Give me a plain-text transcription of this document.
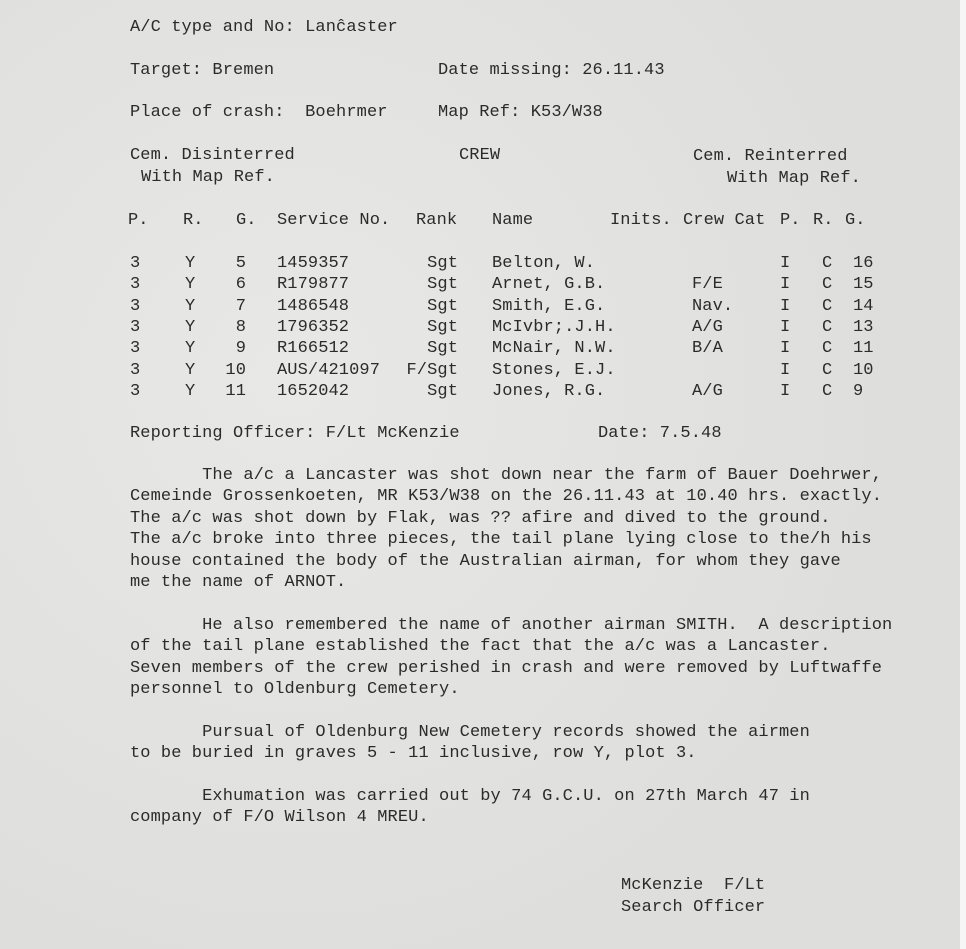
A/C type and No: Lanĉaster
Target: Bremen	Date missing: 26.11.43
Place of crash:  Boehrmer	Map Ref: K53/W38
Cem. Disinterred
With Map Ref.
CREW	Cem. Reinterred
With Map Ref.
P. R. G. Service No. Rank Name	Inits. Crew Cat P. R. G.
3	Y 5 1459357	Sgt Belton, W.	I C 16
3	Y 6 R179877	Sgt Arnet, G.B.	F/E	I C 15
3	Y 7 1486548	Sgt Smith, E.G.	Nav.	I C 14
3	Y 8 1796352	Sgt McIvbr;.J.H.	A/G	I C 13
3	Y 9 R166512	Sgt McNair, N.W.	B/A	I C 11
3	Y 10 AUS/421097 F/Sgt Stones, E.J.	I C 10
3	Y 11 1652042	Sgt Jones, R.G.	A/G	I C 9
Reporting Officer: F/Lt McKenzie	Date: 7.5.48
The a/c a Lancaster was shot down near the farm of Bauer Doehrwer,
Cemeinde Grossenkoeten, MR K53/W38 on the 26.11.43 at 10.40 hrs. exactly.
The a/c was shot down by Flak, was ?? afire and dived to the ground.
The a/c broke into three pieces, the tail plane lying close to the/h his
house contained the body of the Australian airman, for whom they gave
me the name of ARNOT.
He also remembered the name of another airman SMITH.  A description
of the tail plane established the fact that the a/c was a Lancaster.
Seven members of the crew perished in crash and were removed by Luftwaffe
personnel to Oldenburg Cemetery.
Pursual of Oldenburg New Cemetery records showed the airmen
to be buried in graves 5 - 11 inclusive, row Y, plot 3.
Exhumation was carried out by 74 G.C.U. on 27th March 47 in
company of F/O Wilson 4 MREU.
McKenzie  F/Lt
Search Officer
